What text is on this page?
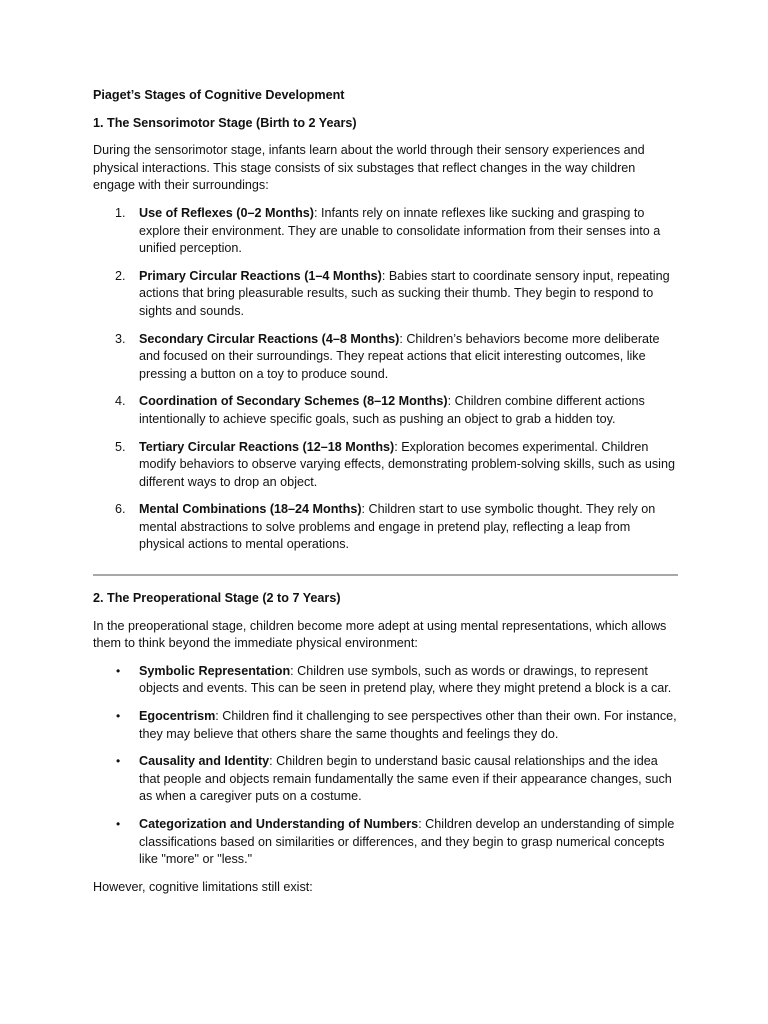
Piaget’s Stages of Cognitive Development

1. The Sensorimotor Stage (Birth to 2 Years)

During the sensorimotor stage, infants learn about the world through their sensory experiences and physical interactions. This stage consists of six substages that reflect changes in the way children engage with their surroundings:

1.	Use of Reflexes (0–2 Months): Infants rely on innate reflexes like sucking and grasping to explore their environment. They are unable to consolidate information from their senses into a unified perception.
2.	Primary Circular Reactions (1–4 Months): Babies start to coordinate sensory input, repeating actions that bring pleasurable results, such as sucking their thumb. They begin to respond to sights and sounds.
3.	Secondary Circular Reactions (4–8 Months): Children’s behaviors become more deliberate and focused on their surroundings. They repeat actions that elicit interesting outcomes, like pressing a button on a toy to produce sound.
4.	Coordination of Secondary Schemes (8–12 Months): Children combine different actions intentionally to achieve specific goals, such as pushing an object to grab a hidden toy.
5.	Tertiary Circular Reactions (12–18 Months): Exploration becomes experimental. Children modify behaviors to observe varying effects, demonstrating problem-solving skills, such as using different ways to drop an object.
6.	Mental Combinations (18–24 Months): Children start to use symbolic thought. They rely on mental abstractions to solve problems and engage in pretend play, reflecting a leap from physical actions to mental operations.

2. The Preoperational Stage (2 to 7 Years)

In the preoperational stage, children become more adept at using mental representations, which allows them to think beyond the immediate physical environment:

• Symbolic Representation: Children use symbols, such as words or drawings, to represent objects and events. This can be seen in pretend play, where they might pretend a block is a car.
• Egocentrism: Children find it challenging to see perspectives other than their own. For instance, they may believe that others share the same thoughts and feelings they do.
• Causality and Identity: Children begin to understand basic causal relationships and the idea that people and objects remain fundamentally the same even if their appearance changes, such as when a caregiver puts on a costume.
• Categorization and Understanding of Numbers: Children develop an understanding of simple classifications based on similarities or differences, and they begin to grasp numerical concepts like "more" or "less."

However, cognitive limitations still exist:
